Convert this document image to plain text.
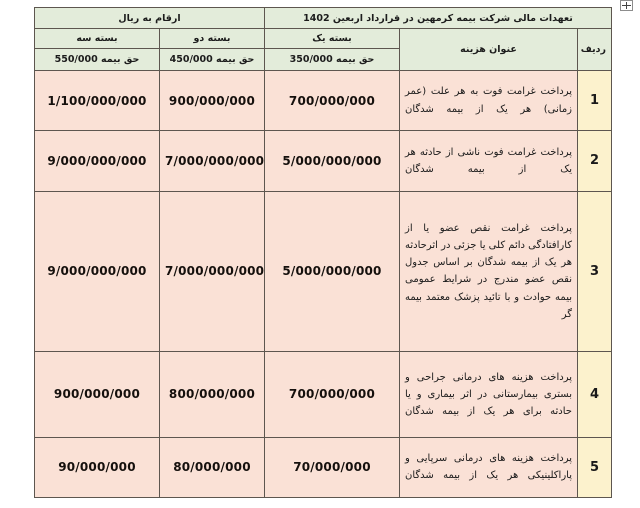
تعهدات مالی شرکت بیمه کرمهین در قرارداد اربعین 1402			ارقام به ریال	
ردیف	عنوان هزینه	بسته یک	بسته دو	بسته سه
		حق بیمه 350/000	حق بیمه 450/000	حق بیمه 550/000
1	پرداخت غرامت فوت به هر علت (عمر زمانی) هر یک از بیمه شدگان	700/000/000	900/000/000	1/100/000/000
2	پرداخت غرامت فوت ناشی از حادثه هر یک از بیمه شدگان	5/000/000/000	7/000/000/000	9/000/000/000
3	پرداخت غرامت نقص عضو یا از کارافتادگی دائم کلی یا جزئی در اثرحادثه هر یک از بیمه شدگان بر اساس جدول نقص عضو مندرج در شرایط عمومی بیمه حوادث و با تائید پزشک معتمد بیمه گر	5/000/000/000	7/000/000/000	9/000/000/000
4	پرداخت هزینه های درمانی جراحی و بستری بیمارستانی در اثر بیماری و یا حادثه برای هر یک از بیمه شدگان	700/000/000	800/000/000	900/000/000
5	پرداخت هزینه های درمانی سرپایی و پاراکلینیکی هر یک از بیمه شدگان	70/000/000	80/000/000	90/000/000
